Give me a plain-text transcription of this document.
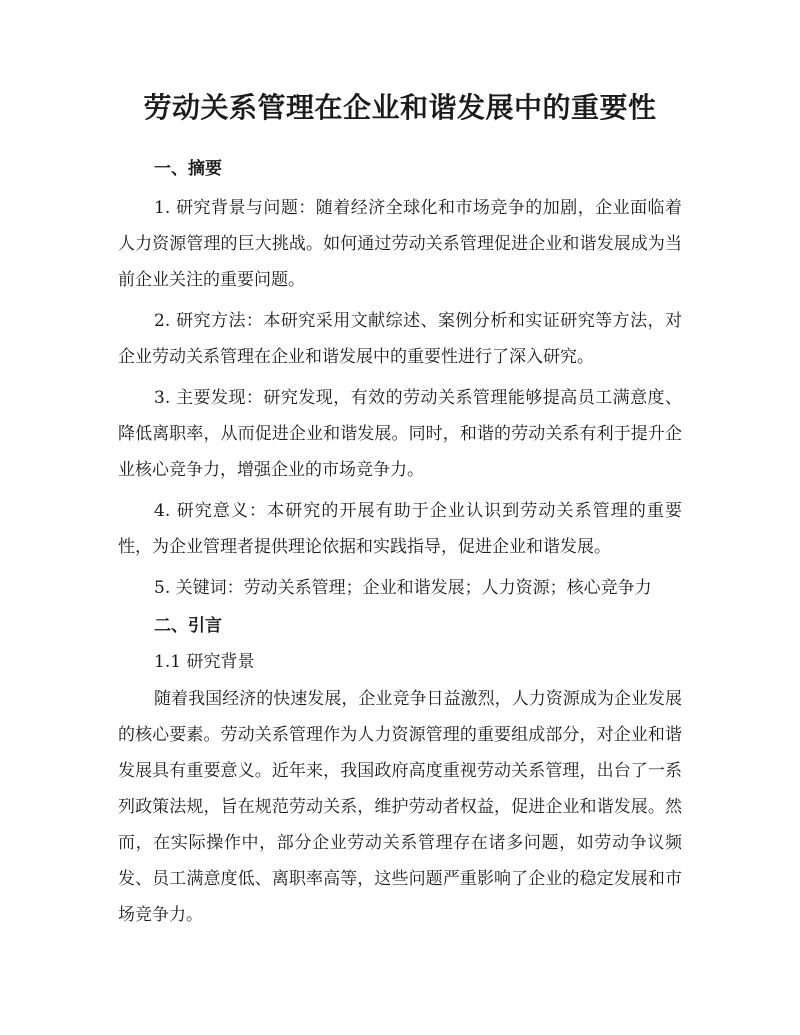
劳动关系管理在企业和谐发展中的重要性
一、摘要

1. 研究背景与问题：随着经济全球化和市场竞争的加剧，企业面临着人力资源管理的巨大挑战。如何通过劳动关系管理促进企业和谐发展成为当前企业关注的重要问题。

2. 研究方法：本研究采用文献综述、案例分析和实证研究等方法，对企业劳动关系管理在企业和谐发展中的重要性进行了深入研究。

3. 主要发现：研究发现，有效的劳动关系管理能够提高员工满意度、降低离职率，从而促进企业和谐发展。同时，和谐的劳动关系有利于提升企业核心竞争力，增强企业的市场竞争力。

4. 研究意义：本研究的开展有助于企业认识到劳动关系管理的重要性，为企业管理者提供理论依据和实践指导，促进企业和谐发展。

5. 关键词：劳动关系管理；企业和谐发展；人力资源；核心竞争力

二、引言
1.1 研究背景

随着我国经济的快速发展，企业竞争日益激烈，人力资源成为企业发展的核心要素。劳动关系管理作为人力资源管理的重要组成部分，对企业和谐发展具有重要意义。近年来，我国政府高度重视劳动关系管理，出台了一系列政策法规，旨在规范劳动关系，维护劳动者权益，促进企业和谐发展。然而，在实际操作中，部分企业劳动关系管理存在诸多问题，如劳动争议频发、员工满意度低、离职率高等，这些问题严重影响了企业的稳定发展和市场竞争力。
